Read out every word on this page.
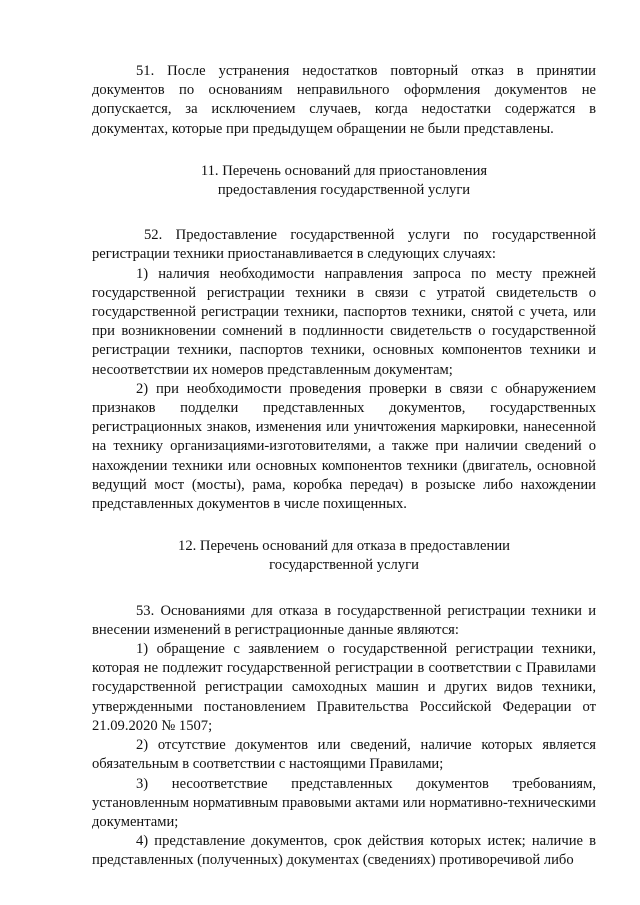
51. После устранения недостатков повторный отказ в принятии документов по основаниям неправильного оформления документов не допускается, за исключением случаев, когда недостатки содержатся в документах, которые при предыдущем обращении не были представлены.

11. Перечень оснований для приостановления

предоставления государственной услуги

52. Предоставление государственной услуги по государственной регистрации техники приостанавливается в следующих случаях:

1) наличия необходимости направления запроса по месту прежней государственной регистрации техники в связи с утратой свидетельств о государственной регистрации техники, паспортов техники, снятой с учета, или при возникновении сомнений в подлинности свидетельств о государственной регистрации техники, паспортов техники, основных компонентов техники и несоответствии их номеров представленным документам;

2) при необходимости проведения проверки в связи с обнаружением признаков подделки представленных документов, государственных регистрационных знаков, изменения или уничтожения маркировки, нанесенной на технику организациями-изготовителями, а также при наличии сведений о нахождении техники или основных компонентов техники (двигатель, основной ведущий мост (мосты), рама, коробка передач) в розыске либо нахождении представленных документов в числе похищенных.

12. Перечень оснований для отказа в предоставлении

государственной услуги

53. Основаниями для отказа в государственной регистрации техники и внесении изменений в регистрационные данные являются:

1) обращение с заявлением о государственной регистрации техники, которая не подлежит государственной регистрации в соответствии с Правилами государственной регистрации самоходных машин и других видов техники, утвержденными постановлением Правительства Российской Федерации от 21.09.2020 № 1507;

2) отсутствие документов или сведений, наличие которых является обязательным в соответствии с настоящими Правилами;

3) несоответствие представленных документов требованиям, установленным нормативным правовыми актами или нормативно-техническими документами;

4) представление документов, срок действия которых истек; наличие в представленных (полученных) документах (сведениях) противоречивой либо
